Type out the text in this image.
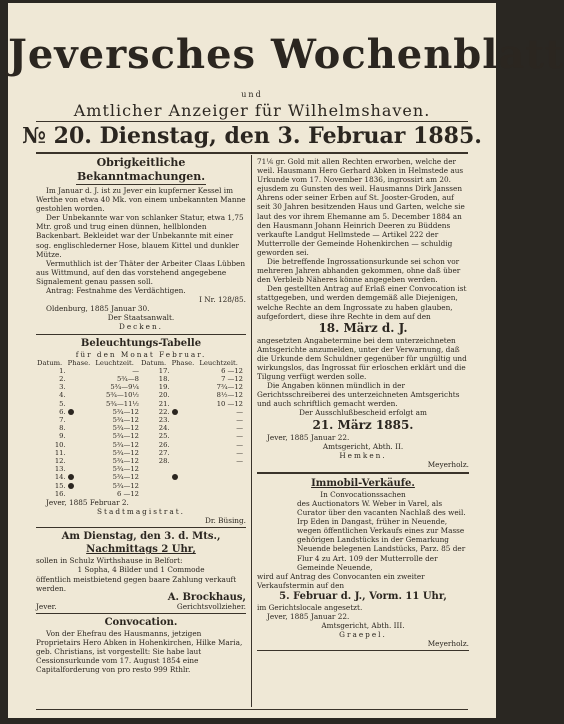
Jeversches Wochenblatt
und
Amtlicher Anzeiger für Wilhelmshaven.
№ 20. Dienstag, den 3. Februar 1885.
Obrigkeitliche Bekanntmachungen.

Im Januar d. J. ist zu Jever ein kupferner Kessel im Werthe von etwa 40 Mk. von einem unbekannten Manne gestohlen worden.

Der Unbekannte war von schlanker Statur, etwa 1,75 Mtr. groß und trug einen dünnen, hellblonden Backenbart. Bekleidet war der Unbekannte mit einer sog. englischlederner Hose, blauem Kittel und dunkler Mütze.

Vermuthlich ist der Thäter der Arbeiter Claas Lübben aus Wittmund, auf den das vorstehend angegebene Signalement genau passen soll.

Antrag: Festnahme des Verdächtigen.

I Nr. 128/85.

Oldenburg, 1885 Januar 30.

Der Staatsanwalt.

Decken.

Beleuchtungs-Tabelle

für den Monat Februar.

Datum.	Phase.	Leuchtzeit.	Datum.	Phase.	Leuchtzeit.
1.		—	17.		6 —12
2.		5¾—8	18.		7 —12
3.		5¾—9¼	19.		7¾—12
4.		5¾—10½	20.		8½—12
5.		5¾—11½	21.		10 —12
6.		5¾—12	22.		—
7.		5¾—12	23.		—
8.		5¾—12	24.		—
9.		5¾—12	25.		—
10.		5¾—12	26.		—
11.		5¾—12	27.		—
12.		5¾—12	28.		—
13.		5¾—12			
14.		5¾—12			
15.		5¾—12			
16.		6 —12			

Jever, 1885 Februar 2.

Stadtmagistrat.

Dr. Büsing.

Am Dienstag, den 3. d. Mts.,
Nachmittags 2 Uhr,

sollen in Schulz Wirthshause in Belfort:

1 Sopha, 4 Bilder und 1 Commode

öffentlich meistbietend gegen baare Zahlung verkauft werden.

Jever.
A. Brockhaus,
Gerichtsvollzieher.
Convocation.

Von der Ehefrau des Hausmanns, jetzigen Proprietairs Hero Abken in Hohenkirchen, Hilke Maria, geb. Christians, ist vorgestellt: Sie habe laut Cessionsurkunde vom 17. August 1854 eine Capitalforderung von pro resto 999 Rthlr.

71⅙ gr. Gold mit allen Rechten erworben, welche der weil. Hausmann Hero Gerhard Abken in Helmstede aus Urkunde vom 17. November 1836, ingrossirt am 20. ejusdem zu Gunsten des weil. Hausmanns Dirk Janssen Ahrens oder seiner Erben auf St. Jooster-Groden, auf seit 30 Jahren besitzenden Haus und Garten, welche sie laut des vor ihrem Ehemanne am 5. December 1884 an den Hausmann Johann Heinrich Deeren zu Büddens verkaufte Landgut Hellmstede — Artikel 222 der Mutterrolle der Gemeinde Hohenkirchen — schuldig geworden sei.

Die betreffende Ingrossationsurkunde sei schon vor mehreren Jahren abhanden gekommen, ohne daß über den Verbleib Näheres könne angegeben werden.

Den gestellten Antrag auf Erlaß einer Convocation ist stattgegeben, und werden demgemäß alle Diejenigen, welche Rechte an dem Ingrossate zu haben glauben, aufgefordert, diese ihre Rechte in dem auf den

18. März d. J.

angesetzten Angabetermine bei dem unterzeichneten Amtsgerichte anzumelden, unter der Verwarnung, daß die Urkunde dem Schuldner gegenüber für ungültig und wirkungslos, das Ingrossat für erloschen erklärt und die Tilgung verfügt werden solle.

Die Angaben können mündlich in der Gerichtsschreiberei des unterzeichneten Amtsgerichts und auch schriftlich gemacht werden.

Der Ausschlußbescheid erfolgt am

21. März 1885.

Jever, 1885 Januar 22.

Amtsgericht, Abth. II.

Hemken.

Meyerholz.

Immobil-Verkäufe.

In Convocationssachen

des Auctionators W. Weber in Varel, als Curator über den vacanten Nachlaß des weil. Irp Eden in Dangast, früher in Neuende,

wegen öffentlichen Verkaufs eines zur Masse gehörigen Landstücks in der Gemarkung Neuende belegenen Landstücks, Parz. 85 der Flur 4 zu Art. 109 der Mutterrolle der Gemeinde Neuende,

wird auf Antrag des Convocanten ein zweiter Verkaufstermin auf den

5. Februar d. J., Vorm. 11 Uhr,

im Gerichtslocale angesetzt.

Jever, 1885 Januar 22.

Amtsgericht, Abth. III.

Graepel.

Meyerholz.
